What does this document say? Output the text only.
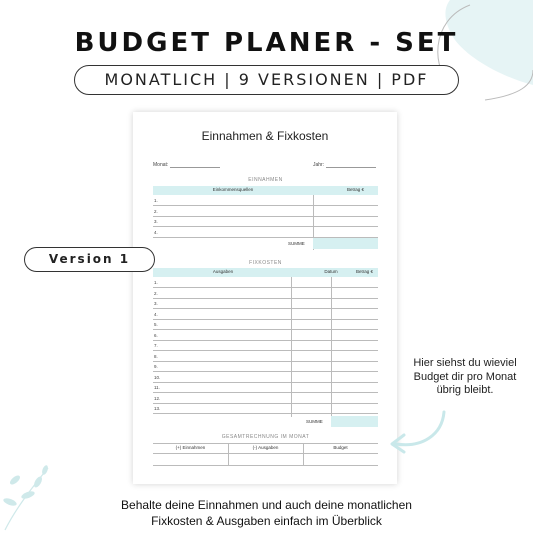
BUDGET PLANER - SET
MONATLICH | 9 VERSIONEN | PDF
Einnahmen & Fixkosten
Monat:	Jahr:
EINNAHMEN
Einkommensquellen	Betrag €
1.
2.
3.
4.
SUMME
FIXKOSTEN
Ausgaben	Datum	Betrag €
1.
2.
3.
4.
5.
6.
7.
8.
9.
10.
11.
12.
13.
SUMME
GESAMTRECHNUNG IM MONAT
(+) Einnahmen	(-) Ausgaben	Budget
Version 1
Hier siehst du wieviel Budget dir pro Monat übrig bleibt.
Behalte deine Einnahmen und auch deine monatlichen
Fixkosten & Ausgaben einfach im Überblick
